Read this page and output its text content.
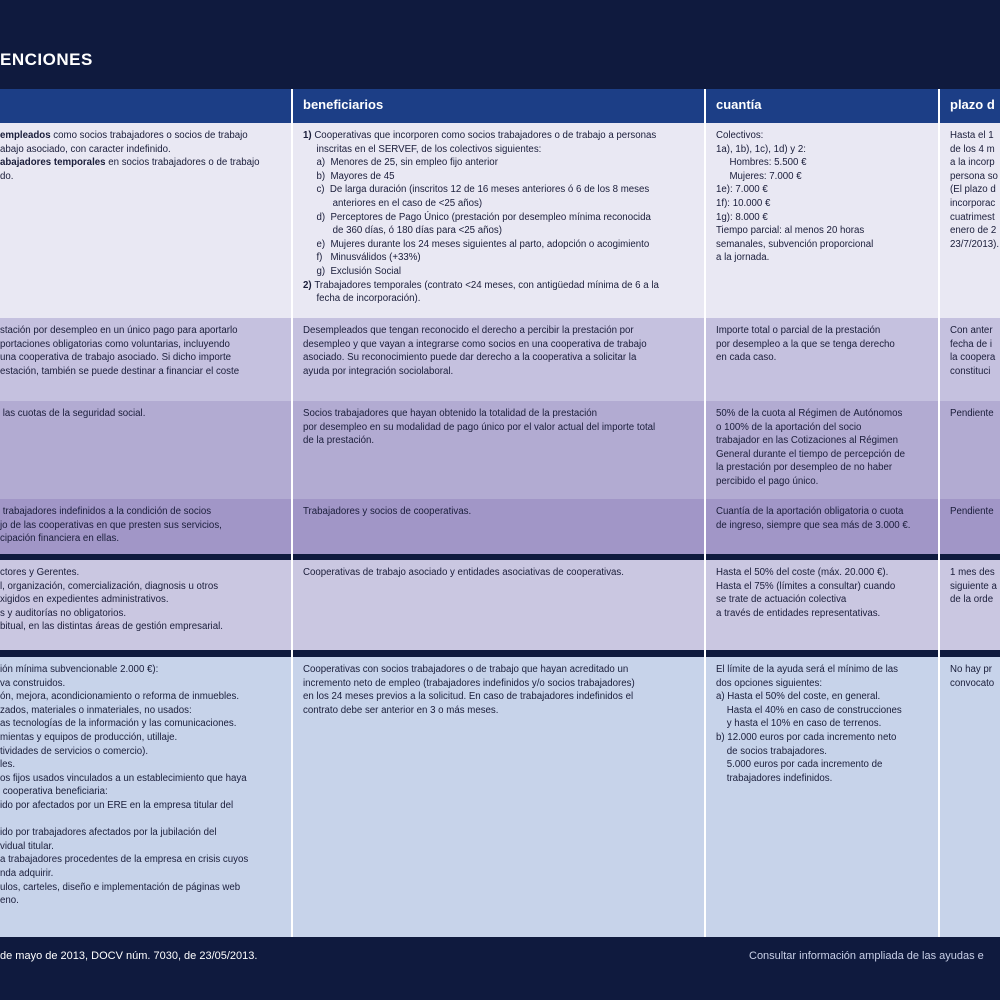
ENCIONES
empleados como socios trabajadores o socios de trabajo
abajo asociado, con caracter indefinido.
abajadores temporales en socios trabajadores o de trabajo
do.
stación por desempleo en un único pago para aportarlo
portaciones obligatorias como voluntarias, incluyendo
una cooperativa de trabajo asociado. Si dicho importe
estación, también se puede destinar a financiar el coste
las cuotas de la seguridad social.
trabajadores indefinidos a la condición de socios
jo de las cooperativas en que presten sus servicios,
cipación financiera en ellas.
ctores y Gerentes.
l, organización, comercialización, diagnosis u otros
xigidos en expedientes administrativos.
s y auditorías no obligatorios.
bitual, en las distintas áreas de gestión empresarial.
ión mínima subvencionable 2.000 €):
va construidos.
ón, mejora, acondicionamiento o reforma de inmuebles.
zados, materiales o inmateriales, no usados:
as tecnologías de la información y las comunicaciones.
mientas y equipos de producción, utillaje.
tividades de servicios o comercio).
les.
os fijos usados vinculados a un establecimiento que haya
cooperativa beneficiaria:
ido por afectados por un ERE en la empresa titular del

ido por trabajadores afectados por la jubilación del
vidual titular.
a trabajadores procedentes de la empresa en crisis cuyos
nda adquirir.
ulos, carteles, diseño e implementación de páginas web
eno.
beneficiarios
1) Cooperativas que incorporen como socios trabajadores o de trabajo a personas
inscritas en el SERVEF, de los colectivos siguientes:
a)  Menores de 25, sin empleo fijo anterior
b)  Mayores de 45
c)  De larga duración (inscritos 12 de 16 meses anteriores ó 6 de los 8 meses
anteriores en el caso de <25 años)
d)  Perceptores de Pago Único (prestación por desempleo mínima reconocida
de 360 días, ó 180 días para <25 años)
e)  Mujeres durante los 24 meses siguientes al parto, adopción o acogimiento
f)   Minusválidos (+33%)
g)  Exclusión Social
2) Trabajadores temporales (contrato <24 meses, con antigüedad mínima de 6 a la
fecha de incorporación).
Desempleados que tengan reconocido el derecho a percibir la prestación por
desempleo y que vayan a integrarse como socios en una cooperativa de trabajo
asociado. Su reconocimiento puede dar derecho a la cooperativa a solicitar la
ayuda por integración sociolaboral.
Socios trabajadores que hayan obtenido la totalidad de la prestación
por desempleo en su modalidad de pago único por el valor actual del importe total
de la prestación.
Trabajadores y socios de cooperativas.
Cooperativas de trabajo asociado y entidades asociativas de cooperativas.
Cooperativas con socios trabajadores o de trabajo que hayan acreditado un
incremento neto de empleo (trabajadores indefinidos y/o socios trabajadores)
en los 24 meses previos a la solicitud. En caso de trabajadores indefinidos el
contrato debe ser anterior en 3 o más meses.
cuantía
Colectivos:
1a), 1b), 1c), 1d) y 2:
Hombres: 5.500 €
Mujeres: 7.000 €
1e): 7.000 €
1f): 10.000 €
1g): 8.000 €
Tiempo parcial: al menos 20 horas
semanales, subvención proporcional
a la jornada.
Importe total o parcial de la prestación
por desempleo a la que se tenga derecho
en cada caso.
50% de la cuota al Régimen de Autónomos
o 100% de la aportación del socio
trabajador en las Cotizaciones al Régimen
General durante el tiempo de percepción de
la prestación por desempleo de no haber
percibido el pago único.
Cuantía de la aportación obligatoria o cuota
de ingreso, siempre que sea más de 3.000 €.
Hasta el 50% del coste (máx. 20.000 €).
Hasta el 75% (límites a consultar) cuando
se trate de actuación colectiva
a través de entidades representativas.
El límite de la ayuda será el mínimo de las
dos opciones siguientes:
a) Hasta el 50% del coste, en general.
Hasta el 40% en caso de construcciones
y hasta el 10% en caso de terrenos.
b) 12.000 euros por cada incremento neto
de socios trabajadores.
5.000 euros por cada incremento de
trabajadores indefinidos.
plazo d
Hasta el 1
de los 4 m
a la incorp
persona so
(El plazo d
incorporac
cuatrimest
enero de 2
23/7/2013).
Con anter
fecha de i
la coopera
constituci
Pendiente
Pendiente
1 mes des
siguiente a
de la orde
No hay pr
convocato
de mayo de 2013, DOCV núm. 7030, de 23/05/2013.	Consultar información ampliada de las ayudas e
